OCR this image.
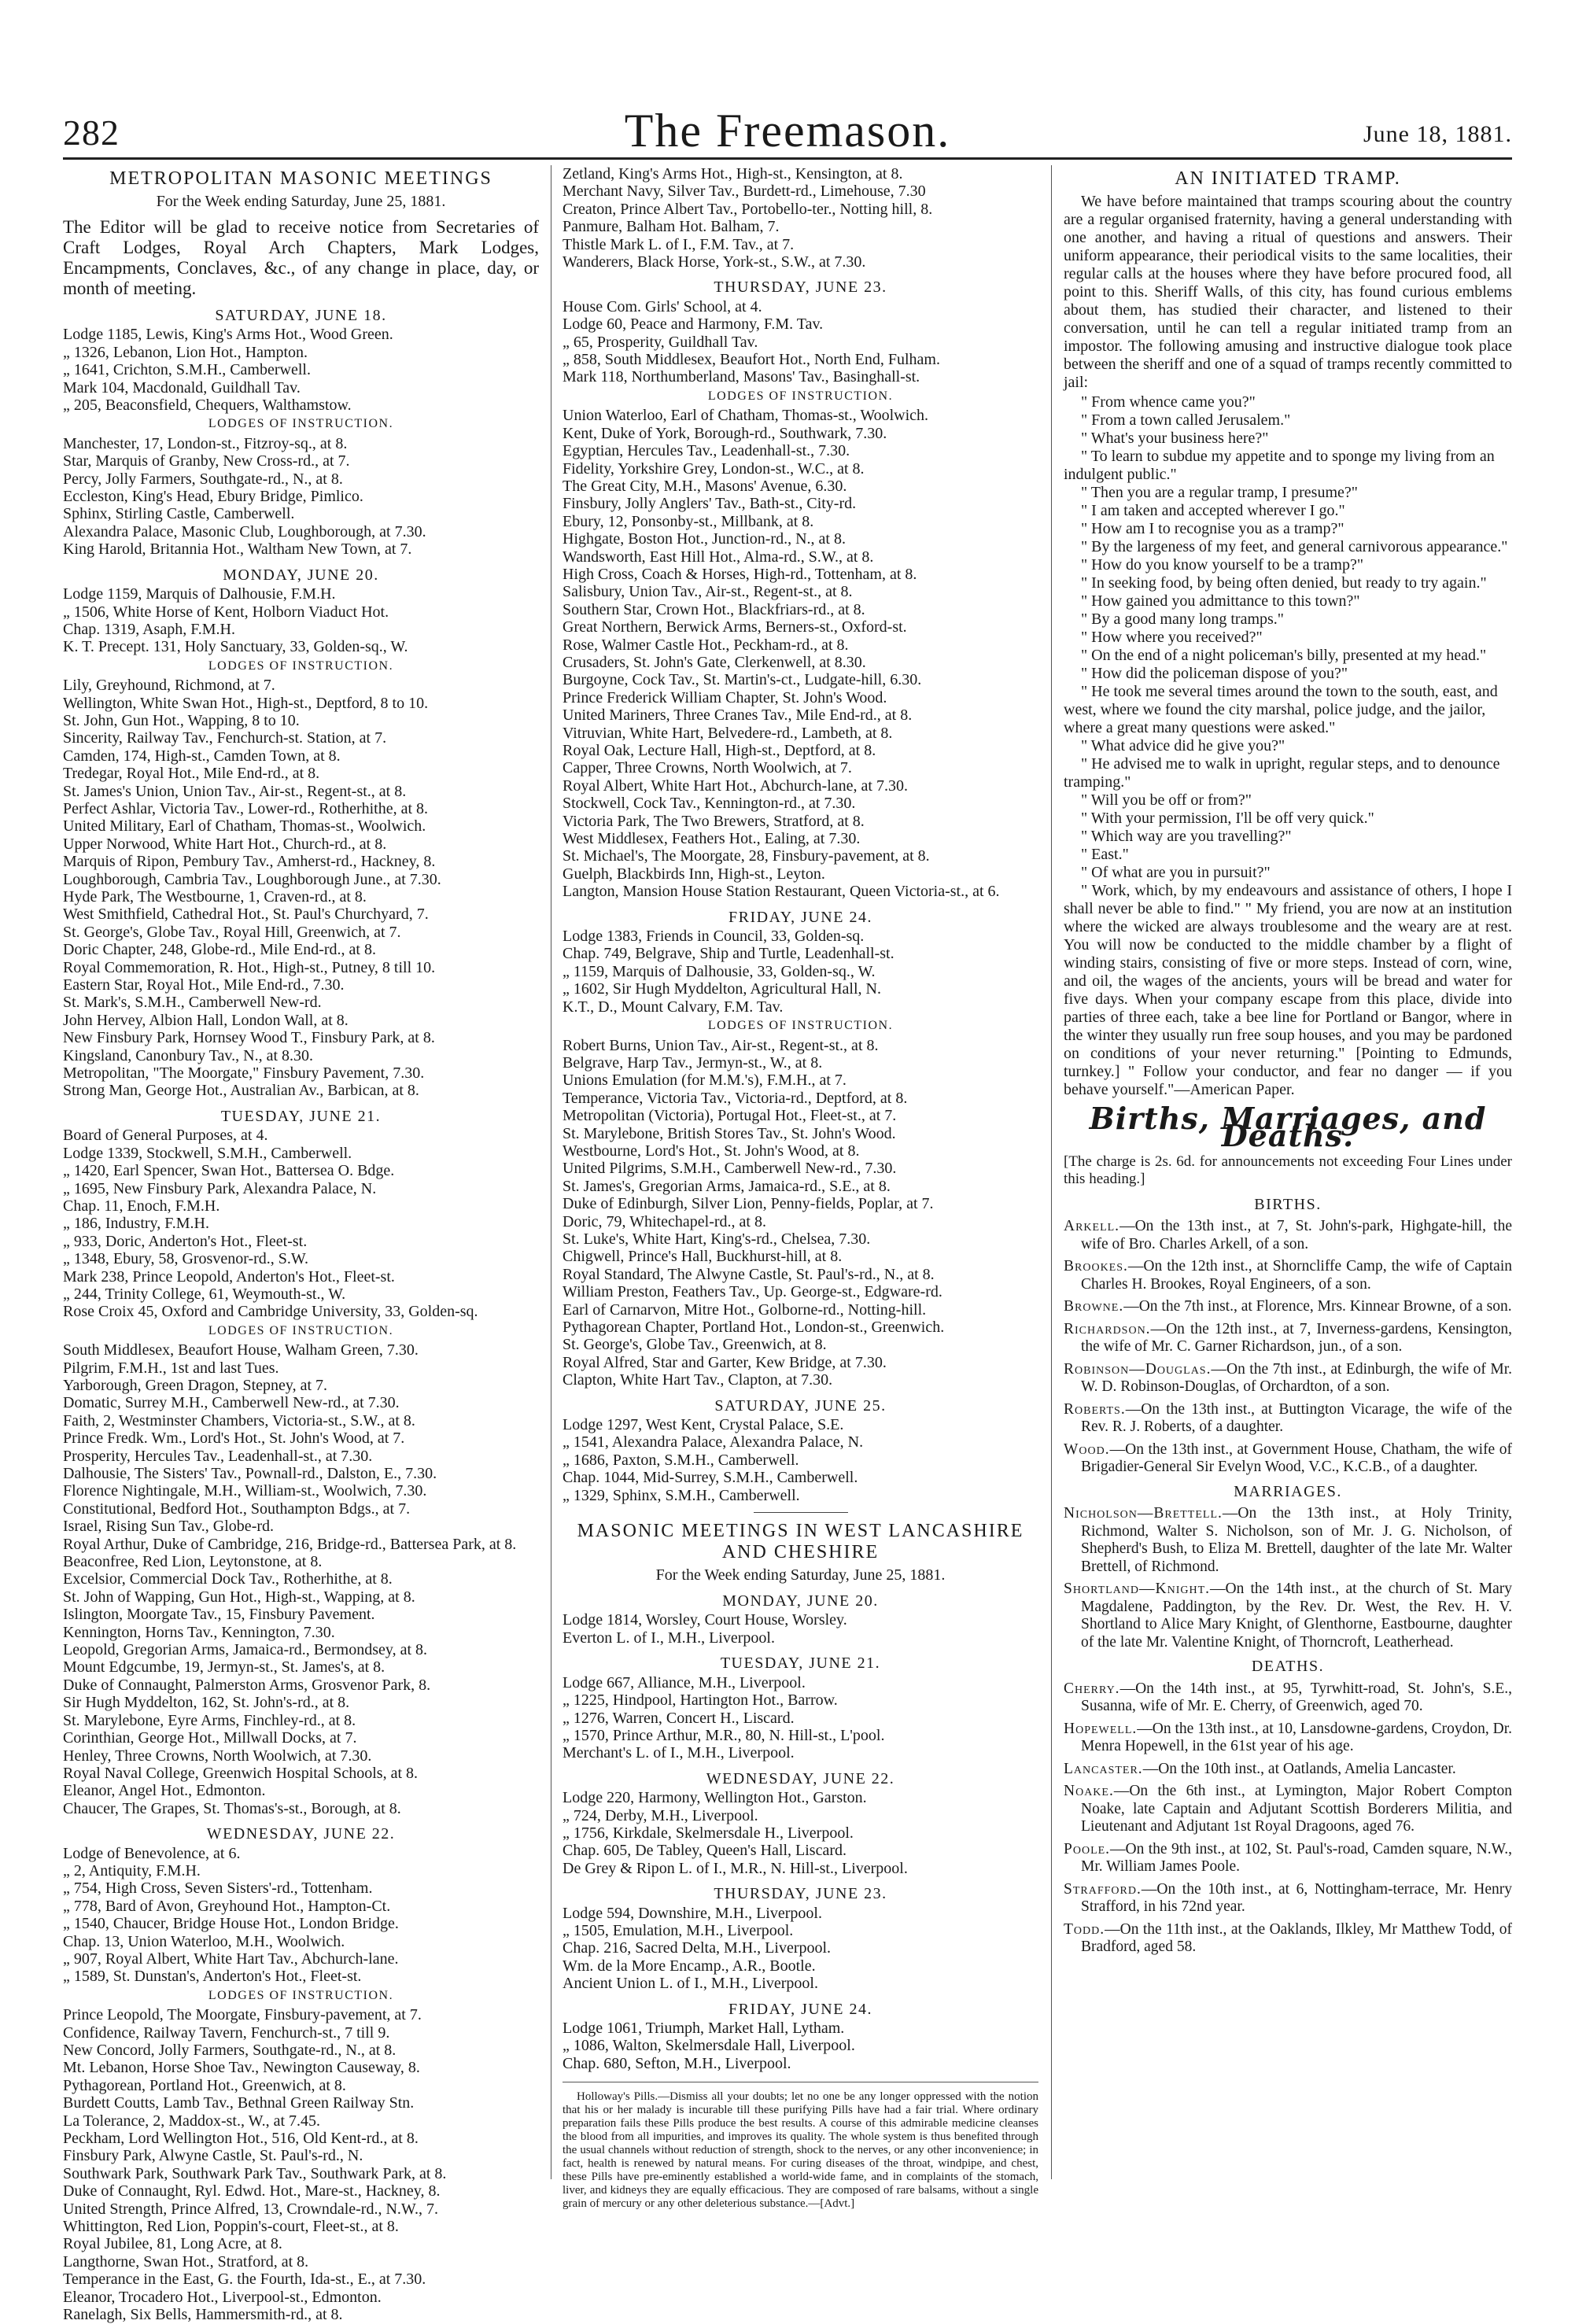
282	The Freemason.	June 18, 1881.
METROPOLITAN MASONIC MEETINGS
For the Week ending Saturday, June 25, 1881.
The Editor will be glad to receive notice from Secretaries of Craft Lodges, Royal Arch Chapters, Mark Lodges, Encampments, Conclaves, &c., of any change in place, day, or month of meeting.
SATURDAY, JUNE 18.
Lodge 1185, Lewis, King's Arms Hot., Wood Green.
„ 1326, Lebanon, Lion Hot., Hampton.
„ 1641, Crichton, S.M.H., Camberwell.
Mark 104, Macdonald, Guildhall Tav.
„ 205, Beaconsfield, Chequers, Walthamstow.
LODGES OF INSTRUCTION.
Manchester, 17, London-st., Fitzroy-sq., at 8.
Star, Marquis of Granby, New Cross-rd., at 7.
Percy, Jolly Farmers, Southgate-rd., N., at 8.
Eccleston, King's Head, Ebury Bridge, Pimlico.
Sphinx, Stirling Castle, Camberwell.
Alexandra Palace, Masonic Club, Loughborough, at 7.30.
King Harold, Britannia Hot., Waltham New Town, at 7.
MONDAY, JUNE 20.
Lodge 1159, Marquis of Dalhousie, F.M.H.
„ 1506, White Horse of Kent, Holborn Viaduct Hot.
Chap. 1319, Asaph, F.M.H.
K. T. Precept. 131, Holy Sanctuary, 33, Golden-sq., W.
LODGES OF INSTRUCTION.
Lily, Greyhound, Richmond, at 7.
Wellington, White Swan Hot., High-st., Deptford, 8 to 10.
St. John, Gun Hot., Wapping, 8 to 10.
Sincerity, Railway Tav., Fenchurch-st. Station, at 7.
Camden, 174, High-st., Camden Town, at 8.
Tredegar, Royal Hot., Mile End-rd., at 8.
St. James's Union, Union Tav., Air-st., Regent-st., at 8.
Perfect Ashlar, Victoria Tav., Lower-rd., Rotherhithe, at 8.
United Military, Earl of Chatham, Thomas-st., Woolwich.
Upper Norwood, White Hart Hot., Church-rd., at 8.
Marquis of Ripon, Pembury Tav., Amherst-rd., Hackney, 8.
Loughborough, Cambria Tav., Loughborough June., at 7.30.
Hyde Park, The Westbourne, 1, Craven-rd., at 8.
West Smithfield, Cathedral Hot., St. Paul's Churchyard, 7.
St. George's, Globe Tav., Royal Hill, Greenwich, at 7.
Doric Chapter, 248, Globe-rd., Mile End-rd., at 8.
Royal Commemoration, R. Hot., High-st., Putney, 8 till 10.
Eastern Star, Royal Hot., Mile End-rd., 7.30.
St. Mark's, S.M.H., Camberwell New-rd.
John Hervey, Albion Hall, London Wall, at 8.
New Finsbury Park, Hornsey Wood T., Finsbury Park, at 8.
Kingsland, Canonbury Tav., N., at 8.30.
Metropolitan, "The Moorgate," Finsbury Pavement, 7.30.
Strong Man, George Hot., Australian Av., Barbican, at 8.
TUESDAY, JUNE 21.
Board of General Purposes, at 4.
Lodge 1339, Stockwell, S.M.H., Camberwell.
„ 1420, Earl Spencer, Swan Hot., Battersea O. Bdge.
„ 1695, New Finsbury Park, Alexandra Palace, N.
Chap. 11, Enoch, F.M.H.
„ 186, Industry, F.M.H.
„ 933, Doric, Anderton's Hot., Fleet-st.
„ 1348, Ebury, 58, Grosvenor-rd., S.W.
Mark 238, Prince Leopold, Anderton's Hot., Fleet-st.
„ 244, Trinity College, 61, Weymouth-st., W.
Rose Croix 45, Oxford and Cambridge University, 33, Golden-sq.
LODGES OF INSTRUCTION.
South Middlesex, Beaufort House, Walham Green, 7.30.
Pilgrim, F.M.H., 1st and last Tues.
Yarborough, Green Dragon, Stepney, at 7.
Domatic, Surrey M.H., Camberwell New-rd., at 7.30.
Faith, 2, Westminster Chambers, Victoria-st., S.W., at 8.
Prince Fredk. Wm., Lord's Hot., St. John's Wood, at 7.
Prosperity, Hercules Tav., Leadenhall-st., at 7.30.
Dalhousie, The Sisters' Tav., Pownall-rd., Dalston, E., 7.30.
Florence Nightingale, M.H., William-st., Woolwich, 7.30.
Constitutional, Bedford Hot., Southampton Bdgs., at 7.
Israel, Rising Sun Tav., Globe-rd.
Royal Arthur, Duke of Cambridge, 216, Bridge-rd., Battersea Park, at 8.
Beaconfree, Red Lion, Leytonstone, at 8.
Excelsior, Commercial Dock Tav., Rotherhithe, at 8.
St. John of Wapping, Gun Hot., High-st., Wapping, at 8.
Islington, Moorgate Tav., 15, Finsbury Pavement.
Kennington, Horns Tav., Kennington, 7.30.
Leopold, Gregorian Arms, Jamaica-rd., Bermondsey, at 8.
Mount Edgcumbe, 19, Jermyn-st., St. James's, at 8.
Duke of Connaught, Palmerston Arms, Grosvenor Park, 8.
Sir Hugh Myddelton, 162, St. John's-rd., at 8.
St. Marylebone, Eyre Arms, Finchley-rd., at 8.
Corinthian, George Hot., Millwall Docks, at 7.
Henley, Three Crowns, North Woolwich, at 7.30.
Royal Naval College, Greenwich Hospital Schools, at 8.
Eleanor, Angel Hot., Edmonton.
Chaucer, The Grapes, St. Thomas's-st., Borough, at 8.
WEDNESDAY, JUNE 22.
Lodge of Benevolence, at 6.
„ 2, Antiquity, F.M.H.
„ 754, High Cross, Seven Sisters'-rd., Tottenham.
„ 778, Bard of Avon, Greyhound Hot., Hampton-Ct.
„ 1540, Chaucer, Bridge House Hot., London Bridge.
Chap. 13, Union Waterloo, M.H., Woolwich.
„ 907, Royal Albert, White Hart Tav., Abchurch-lane.
„ 1589, St. Dunstan's, Anderton's Hot., Fleet-st.
LODGES OF INSTRUCTION.
Prince Leopold, The Moorgate, Finsbury-pavement, at 7.
Confidence, Railway Tavern, Fenchurch-st., 7 till 9.
New Concord, Jolly Farmers, Southgate-rd., N., at 8.
Mt. Lebanon, Horse Shoe Tav., Newington Causeway, 8.
Pythagorean, Portland Hot., Greenwich, at 8.
Burdett Coutts, Lamb Tav., Bethnal Green Railway Stn.
La Tolerance, 2, Maddox-st., W., at 7.45.
Peckham, Lord Wellington Hot., 516, Old Kent-rd., at 8.
Finsbury Park, Alwyne Castle, St. Paul's-rd., N.
Southwark Park, Southwark Park Tav., Southwark Park, at 8.
Duke of Connaught, Ryl. Edwd. Hot., Mare-st., Hackney, 8.
United Strength, Prince Alfred, 13, Crowndale-rd., N.W., 7.
Whittington, Red Lion, Poppin's-court, Fleet-st., at 8.
Royal Jubilee, 81, Long Acre, at 8.
Langthorne, Swan Hot., Stratford, at 8.
Temperance in the East, G. the Fourth, Ida-st., E., at 7.30.
Eleanor, Trocadero Hot., Liverpool-st., Edmonton.
Ranelagh, Six Bells, Hammersmith-rd., at 8.
Zetland, King's Arms Hot., High-st., Kensington, at 8.
Merchant Navy, Silver Tav., Burdett-rd., Limehouse, 7.30
Creaton, Prince Albert Tav., Portobello-ter., Notting hill, 8.
Panmure, Balham Hot. Balham, 7.
Thistle Mark L. of I., F.M. Tav., at 7.
Wanderers, Black Horse, York-st., S.W., at 7.30.
THURSDAY, JUNE 23.
House Com. Girls' School, at 4.
Lodge 60, Peace and Harmony, F.M. Tav.
„ 65, Prosperity, Guildhall Tav.
„ 858, South Middlesex, Beaufort Hot., North End, Fulham.
Mark 118, Northumberland, Masons' Tav., Basinghall-st.
LODGES OF INSTRUCTION.
Union Waterloo, Earl of Chatham, Thomas-st., Woolwich.
Kent, Duke of York, Borough-rd., Southwark, 7.30.
Egyptian, Hercules Tav., Leadenhall-st., 7.30.
Fidelity, Yorkshire Grey, London-st., W.C., at 8.
The Great City, M.H., Masons' Avenue, 6.30.
Finsbury, Jolly Anglers' Tav., Bath-st., City-rd.
Ebury, 12, Ponsonby-st., Millbank, at 8.
Highgate, Boston Hot., Junction-rd., N., at 8.
Wandsworth, East Hill Hot., Alma-rd., S.W., at 8.
High Cross, Coach & Horses, High-rd., Tottenham, at 8.
Salisbury, Union Tav., Air-st., Regent-st., at 8.
Southern Star, Crown Hot., Blackfriars-rd., at 8.
Great Northern, Berwick Arms, Berners-st., Oxford-st.
Rose, Walmer Castle Hot., Peckham-rd., at 8.
Crusaders, St. John's Gate, Clerkenwell, at 8.30.
Burgoyne, Cock Tav., St. Martin's-ct., Ludgate-hill, 6.30.
Prince Frederick William Chapter, St. John's Wood.
United Mariners, Three Cranes Tav., Mile End-rd., at 8.
Vitruvian, White Hart, Belvedere-rd., Lambeth, at 8.
Royal Oak, Lecture Hall, High-st., Deptford, at 8.
Capper, Three Crowns, North Woolwich, at 7.
Royal Albert, White Hart Hot., Abchurch-lane, at 7.30.
Stockwell, Cock Tav., Kennington-rd., at 7.30.
Victoria Park, The Two Brewers, Stratford, at 8.
West Middlesex, Feathers Hot., Ealing, at 7.30.
St. Michael's, The Moorgate, 28, Finsbury-pavement, at 8.
Guelph, Blackbirds Inn, High-st., Leyton.
Langton, Mansion House Station Restaurant, Queen Victoria-st., at 6.
FRIDAY, JUNE 24.
Lodge 1383, Friends in Council, 33, Golden-sq.
Chap. 749, Belgrave, Ship and Turtle, Leadenhall-st.
„ 1159, Marquis of Dalhousie, 33, Golden-sq., W.
„ 1602, Sir Hugh Myddelton, Agricultural Hall, N.
K.T., D., Mount Calvary, F.M. Tav.
LODGES OF INSTRUCTION.
Robert Burns, Union Tav., Air-st., Regent-st., at 8.
Belgrave, Harp Tav., Jermyn-st., W., at 8.
Unions Emulation (for M.M.'s), F.M.H., at 7.
Temperance, Victoria Tav., Victoria-rd., Deptford, at 8.
Metropolitan (Victoria), Portugal Hot., Fleet-st., at 7.
St. Marylebone, British Stores Tav., St. John's Wood.
Westbourne, Lord's Hot., St. John's Wood, at 8.
United Pilgrims, S.M.H., Camberwell New-rd., 7.30.
St. James's, Gregorian Arms, Jamaica-rd., S.E., at 8.
Duke of Edinburgh, Silver Lion, Penny-fields, Poplar, at 7.
Doric, 79, Whitechapel-rd., at 8.
St. Luke's, White Hart, King's-rd., Chelsea, 7.30.
Chigwell, Prince's Hall, Buckhurst-hill, at 8.
Royal Standard, The Alwyne Castle, St. Paul's-rd., N., at 8.
William Preston, Feathers Tav., Up. George-st., Edgware-rd.
Earl of Carnarvon, Mitre Hot., Golborne-rd., Notting-hill.
Pythagorean Chapter, Portland Hot., London-st., Greenwich.
St. George's, Globe Tav., Greenwich, at 8.
Royal Alfred, Star and Garter, Kew Bridge, at 7.30.
Clapton, White Hart Tav., Clapton, at 7.30.
SATURDAY, JUNE 25.
Lodge 1297, West Kent, Crystal Palace, S.E.
„ 1541, Alexandra Palace, Alexandra Palace, N.
„ 1686, Paxton, S.M.H., Camberwell.
Chap. 1044, Mid-Surrey, S.M.H., Camberwell.
„ 1329, Sphinx, S.M.H., Camberwell.
MASONIC MEETINGS IN WEST LANCASHIRE AND CHESHIRE
For the Week ending Saturday, June 25, 1881.
MONDAY, JUNE 20.
Lodge 1814, Worsley, Court House, Worsley.
Everton L. of I., M.H., Liverpool.
TUESDAY, JUNE 21.
Lodge 667, Alliance, M.H., Liverpool.
„ 1225, Hindpool, Hartington Hot., Barrow.
„ 1276, Warren, Concert H., Liscard.
„ 1570, Prince Arthur, M.R., 80, N. Hill-st., L'pool.
Merchant's L. of I., M.H., Liverpool.
WEDNESDAY, JUNE 22.
Lodge 220, Harmony, Wellington Hot., Garston.
„ 724, Derby, M.H., Liverpool.
„ 1756, Kirkdale, Skelmersdale H., Liverpool.
Chap. 605, De Tabley, Queen's Hall, Liscard.
De Grey & Ripon L. of I., M.R., N. Hill-st., Liverpool.
THURSDAY, JUNE 23.
Lodge 594, Downshire, M.H., Liverpool.
„ 1505, Emulation, M.H., Liverpool.
Chap. 216, Sacred Delta, M.H., Liverpool.
Wm. de la More Encamp., A.R., Bootle.
Ancient Union L. of I., M.H., Liverpool.
FRIDAY, JUNE 24.
Lodge 1061, Triumph, Market Hall, Lytham.
„ 1086, Walton, Skelmersdale Hall, Liverpool.
Chap. 680, Sefton, M.H., Liverpool.
Holloway's Pills.—Dismiss all your doubts; let no one be any longer oppressed with the notion that his or her malady is incurable till these purifying Pills have had a fair trial. Where ordinary preparation fails these Pills produce the best results. A course of this admirable medicine cleanses the blood from all impurities, and improves its quality. The whole system is thus benefited through the usual channels without reduction of strength, shock to the nerves, or any other inconvenience; in fact, health is renewed by natural means. For curing diseases of the throat, windpipe, and chest, these Pills have pre-eminently established a world-wide fame, and in complaints of the stomach, liver, and kidneys they are equally efficacious. They are composed of rare balsams, without a single grain of mercury or any other deleterious substance.—[Advt.]
AN INITIATED TRAMP.

We have before maintained that tramps scouring about the country are a regular organised fraternity, having a general understanding with one another, and having a ritual of questions and answers. Their uniform appearance, their periodical visits to the same localities, their regular calls at the houses where they have before procured food, all point to this. Sheriff Walls, of this city, has found curious emblems about them, has studied their character, and listened to their conversation, until he can tell a regular initiated tramp from an impostor. The following amusing and instructive dialogue took place between the sheriff and one of a squad of tramps recently committed to jail:

" From whence came you?"
" From a town called Jerusalem."
" What's your business here?"
" To learn to subdue my appetite and to sponge my living from an indulgent public."
" Then you are a regular tramp, I presume?"
" I am taken and accepted wherever I go."
" How am I to recognise you as a tramp?"
" By the largeness of my feet, and general carnivorous appearance."
" How do you know yourself to be a tramp?"
" In seeking food, by being often denied, but ready to try again."
" How gained you admittance to this town?"
" By a good many long tramps."
" How where you received?"
" On the end of a night policeman's billy, presented at my head."
" How did the policeman dispose of you?"
" He took me several times around the town to the south, east, and west, where we found the city marshal, police judge, and the jailor, where a great many questions were asked."
" What advice did he give you?"
" He advised me to walk in upright, regular steps, and to denounce tramping."
" Will you be off or from?"
" With your permission, I'll be off very quick."
" Which way are you travelling?"
" East."
" Of what are you in pursuit?"

" Work, which, by my endeavours and assistance of others, I hope I shall never be able to find." " My friend, you are now at an institution where the wicked are always troublesome and the weary are at rest. You will now be conducted to the middle chamber by a flight of winding stairs, consisting of five or more steps. Instead of corn, wine, and oil, the wages of the ancients, yours will be bread and water for five days. When your company escape from this place, divide into parties of three each, take a bee line for Portland or Bangor, where in the winter they usually run free soup houses, and you may be pardoned on conditions of your never returning." [Pointing to Edmunds, turnkey.] " Follow your conductor, and fear no danger — if you behave yourself."—American Paper.

Births, Marriages, and Deaths.
[The charge is 2s. 6d. for announcements not exceeding Four Lines under this heading.]
BIRTHS.
Arkell.—On the 13th inst., at 7, St. John's-park, Highgate-hill, the wife of Bro. Charles Arkell, of a son.
Brookes.—On the 12th inst., at Shorncliffe Camp, the wife of Captain Charles H. Brookes, Royal Engineers, of a son.
Browne.—On the 7th inst., at Florence, Mrs. Kinnear Browne, of a son.
Richardson.—On the 12th inst., at 7, Inverness-gardens, Kensington, the wife of Mr. C. Garner Richardson, jun., of a son.
Robinson—Douglas.—On the 7th inst., at Edinburgh, the wife of Mr. W. D. Robinson-Douglas, of Orchardton, of a son.
Roberts.—On the 13th inst., at Buttington Vicarage, the wife of the Rev. R. J. Roberts, of a daughter.
Wood.—On the 13th inst., at Government House, Chatham, the wife of Brigadier-General Sir Evelyn Wood, V.C., K.C.B., of a daughter.
MARRIAGES.
Nicholson—Brettell.—On the 13th inst., at Holy Trinity, Richmond, Walter S. Nicholson, son of Mr. J. G. Nicholson, of Shepherd's Bush, to Eliza M. Brettell, daughter of the late Mr. Walter Brettell, of Richmond.
Shortland—Knight.—On the 14th inst., at the church of St. Mary Magdalene, Paddington, by the Rev. Dr. West, the Rev. H. V. Shortland to Alice Mary Knight, of Glenthorne, Eastbourne, daughter of the late Mr. Valentine Knight, of Thorncroft, Leatherhead.
DEATHS.
Cherry.—On the 14th inst., at 95, Tyrwhitt-road, St. John's, S.E., Susanna, wife of Mr. E. Cherry, of Greenwich, aged 70.
Hopewell.—On the 13th inst., at 10, Lansdowne-gardens, Croydon, Dr. Menra Hopewell, in the 61st year of his age.
Lancaster.—On the 10th inst., at Oatlands, Amelia Lancaster.
Noake.—On the 6th inst., at Lymington, Major Robert Compton Noake, late Captain and Adjutant Scottish Borderers Militia, and Lieutenant and Adjutant 1st Royal Dragoons, aged 76.
Poole.—On the 9th inst., at 102, St. Paul's-road, Camden square, N.W., Mr. William James Poole.
Strafford.—On the 10th inst., at 6, Nottingham-terrace, Mr. Henry Strafford, in his 72nd year.
Todd.—On the 11th inst., at the Oaklands, Ilkley, Mr Matthew Todd, of Bradford, aged 58.
